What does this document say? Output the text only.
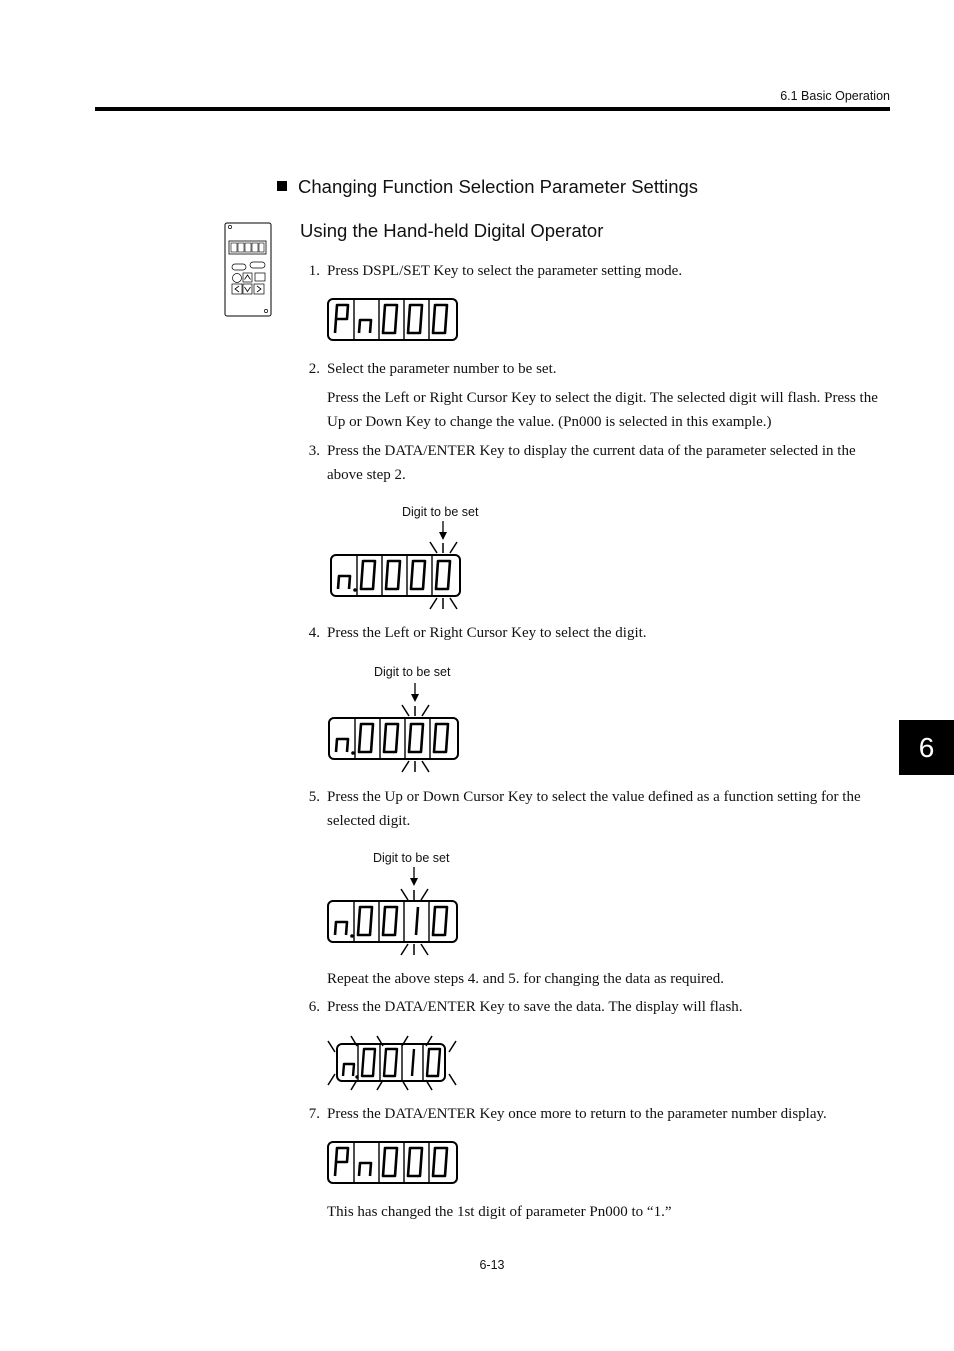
6.1 Basic Operation
Changing Function Selection Parameter Settings
Using the Hand-held Digital Operator
1. Press DSPL/SET Key to select the parameter setting mode.
2. Select the parameter number to be set.
Press the Left or Right Cursor Key to select the digit. The selected digit will flash. Press the Up or Down Key to change the value. (Pn000 is selected in this example.)
3. Press the DATA/ENTER Key to display the current data of the parameter selected in the above step 2.
Digit to be set
4. Press the Left or Right Cursor Key to select the digit.
Digit to be set
5. Press the Up or Down Cursor Key to select the value defined as a function setting for the selected digit.
Digit to be set
Repeat the above steps 4. and 5. for changing the data as required.
6. Press the DATA/ENTER Key to save the data. The display will flash.
7. Press the DATA/ENTER Key once more to return to the parameter number display.
This has changed the 1st digit of parameter Pn000 to “1.”
6
6-13
